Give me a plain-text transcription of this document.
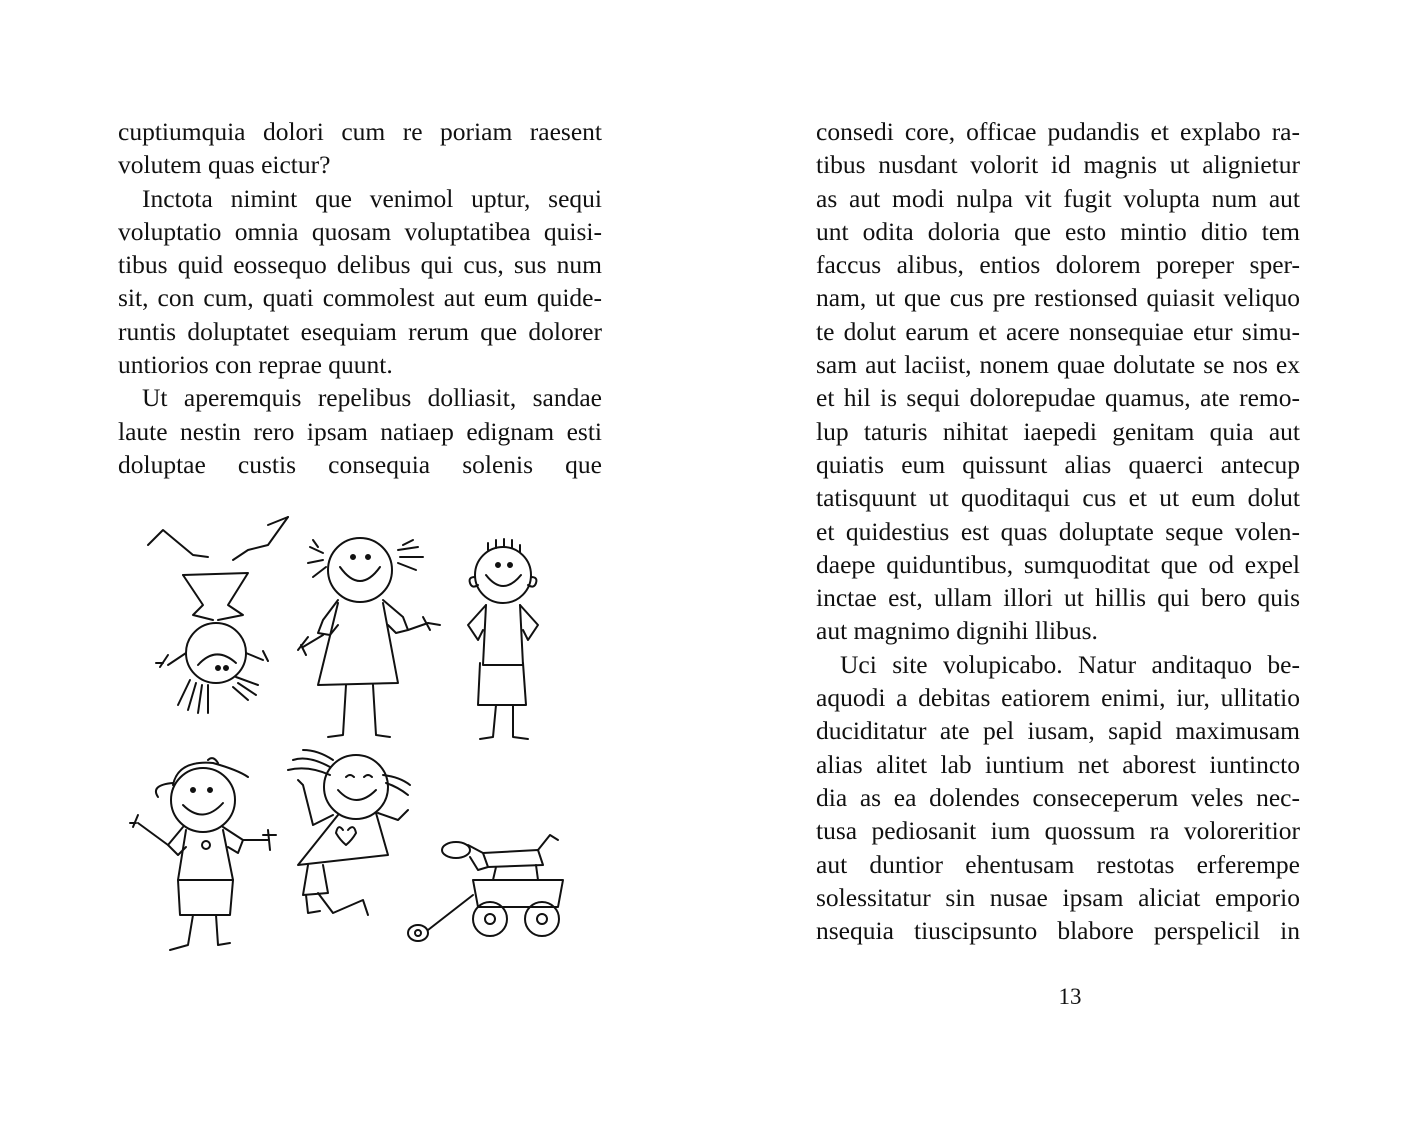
cuptiumquia dolori cum re poriam raesent
volutem quas eictur?

Inctota nimint que venimol uptur, sequi
voluptatio omnia quosam voluptatibea quisi-
tibus quid eossequo delibus qui cus, sus num
sit, con cum, quati commolest aut eum quide-
runtis doluptatet esequiam rerum que dolorer
untiorios con reprae quunt.

Ut aperemquis repelibus dolliasit, sandae
laute nestin rero ipsam natiaep edignam esti
doluptae custis consequia solenis que

consedi core, officae pudandis et explabo ra-
tibus nusdant volorit id magnis ut alignietur
as aut modi nulpa vit fugit volupta num aut
unt odita doloria que esto mintio ditio tem
faccus alibus, entios dolorem poreper sper-
nam, ut que cus pre restionsed quiasit veliquo
te dolut earum et acere nonsequiae etur simu-
sam aut laciist, nonem quae dolutate se nos ex
et hil is sequi dolorepudae quamus, ate remo-
lup taturis nihitat iaepedi genitam quia aut
quiatis eum quissunt alias quaerci antecup
tatisquunt ut quoditaqui cus et ut eum dolut
et quidestius est quas doluptate seque volen-
daepe quiduntibus, sumquoditat que od expel
inctae est, ullam illori ut hillis qui bero quis
aut magnimo dignihi llibus.

Uci site volupicabo. Natur anditaquo be-
aquodi a debitas eatiorem enimi, iur, ullitatio
duciditatur ate pel iusam, sapid maximusam
alias alitet lab iuntium net aborest iuntincto
dia as ea dolendes conseceperum veles nec-
tusa pediosanit ium quossum ra voloreritior
aut duntior ehentusam restotas erferempe
solessitatur sin nusae ipsam aliciat emporio
nsequia tiuscipsunto blabore perspelicil in

13
